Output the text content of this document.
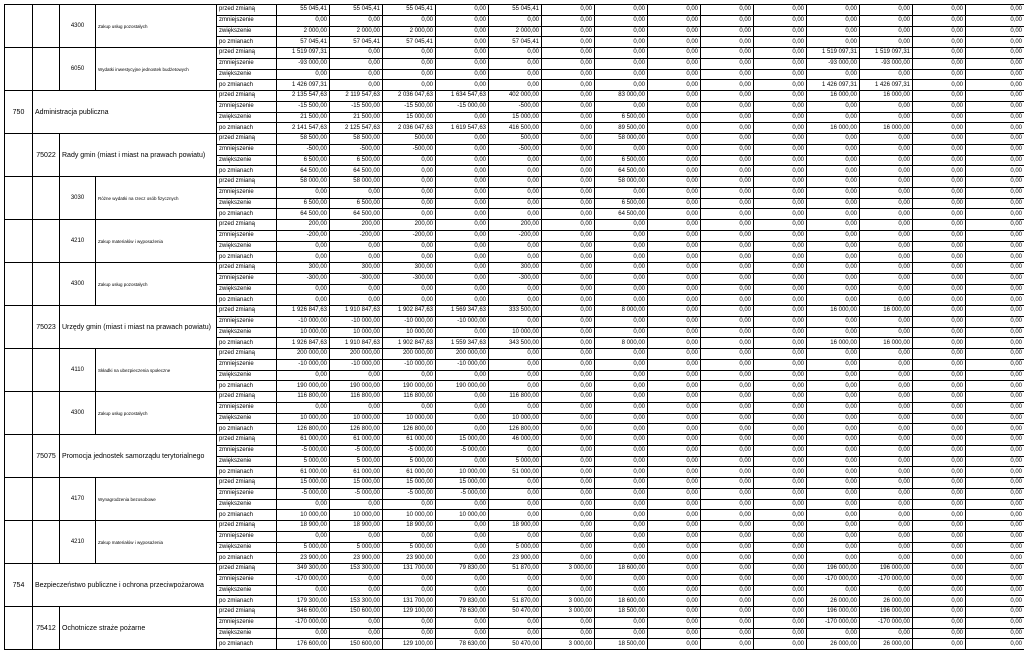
		4300	Zakup usług pozostałych	przed zmianą	55 045,41	55 045,41	55 045,41	0,00	55 045,41	0,00	0,00	0,00	0,00	0,00	0,00	0,00	0,00	0,00
				zmniejszenie	0,00	0,00	0,00	0,00	0,00	0,00	0,00	0,00	0,00	0,00	0,00	0,00	0,00	0,00
				zwiększenie	2 000,00	2 000,00	2 000,00	0,00	2 000,00	0,00	0,00	0,00	0,00	0,00	0,00	0,00	0,00	0,00
				po zmianach	57 045,41	57 045,41	57 045,41	0,00	57 045,41	0,00	0,00	0,00	0,00	0,00	0,00	0,00	0,00	0,00
		6050	Wydatki inwestycyjne jednostek budżetowych	przed zmianą	1 519 097,31	0,00	0,00	0,00	0,00	0,00	0,00	0,00	0,00	0,00	1 519 097,31	1 519 097,31	0,00	0,00
				zmniejszenie	-93 000,00	0,00	0,00	0,00	0,00	0,00	0,00	0,00	0,00	0,00	-93 000,00	-93 000,00	0,00	0,00
				zwiększenie	0,00	0,00	0,00	0,00	0,00	0,00	0,00	0,00	0,00	0,00	0,00	0,00	0,00	0,00
				po zmianach	1 426 097,31	0,00	0,00	0,00	0,00	0,00	0,00	0,00	0,00	0,00	1 426 097,31	1 426 097,31	0,00	0,00
750	Administracja publiczna			przed zmianą	2 135 547,63	2 119 547,63	2 036 047,63	1 634 547,63	402 000,00	0,00	83 000,00	0,00	0,00	0,00	16 000,00	16 000,00	0,00	0,00
				zmniejszenie	-15 500,00	-15 500,00	-15 500,00	-15 000,00	-500,00	0,00	0,00	0,00	0,00	0,00	0,00	0,00	0,00	0,00
				zwiększenie	21 500,00	21 500,00	15 000,00	0,00	15 000,00	0,00	6 500,00	0,00	0,00	0,00	0,00	0,00	0,00	0,00
				po zmianach	2 141 547,63	2 125 547,63	2 036 047,63	1 619 547,63	416 500,00	0,00	89 500,00	0,00	0,00	0,00	16 000,00	16 000,00	0,00	0,00
	75022	Rady gmin (miast i miast na prawach powiatu)		przed zmianą	58 500,00	58 500,00	500,00	0,00	500,00	0,00	58 000,00	0,00	0,00	0,00	0,00	0,00	0,00	0,00
				zmniejszenie	-500,00	-500,00	-500,00	0,00	-500,00	0,00	0,00	0,00	0,00	0,00	0,00	0,00	0,00	0,00
				zwiększenie	6 500,00	6 500,00	0,00	0,00	0,00	0,00	6 500,00	0,00	0,00	0,00	0,00	0,00	0,00	0,00
				po zmianach	64 500,00	64 500,00	0,00	0,00	0,00	0,00	64 500,00	0,00	0,00	0,00	0,00	0,00	0,00	0,00
		3030	Różne wydatki na rzecz osób fizycznych	przed zmianą	58 000,00	58 000,00	0,00	0,00	0,00	0,00	58 000,00	0,00	0,00	0,00	0,00	0,00	0,00	0,00
				zmniejszenie	0,00	0,00	0,00	0,00	0,00	0,00	0,00	0,00	0,00	0,00	0,00	0,00	0,00	0,00
				zwiększenie	6 500,00	6 500,00	0,00	0,00	0,00	0,00	6 500,00	0,00	0,00	0,00	0,00	0,00	0,00	0,00
				po zmianach	64 500,00	64 500,00	0,00	0,00	0,00	0,00	64 500,00	0,00	0,00	0,00	0,00	0,00	0,00	0,00
		4210	Zakup materiałów i wyposażenia	przed zmianą	200,00	200,00	200,00	0,00	200,00	0,00	0,00	0,00	0,00	0,00	0,00	0,00	0,00	0,00
				zmniejszenie	-200,00	-200,00	-200,00	0,00	-200,00	0,00	0,00	0,00	0,00	0,00	0,00	0,00	0,00	0,00
				zwiększenie	0,00	0,00	0,00	0,00	0,00	0,00	0,00	0,00	0,00	0,00	0,00	0,00	0,00	0,00
				po zmianach	0,00	0,00	0,00	0,00	0,00	0,00	0,00	0,00	0,00	0,00	0,00	0,00	0,00	0,00
		4300	Zakup usług pozostałych	przed zmianą	300,00	300,00	300,00	0,00	300,00	0,00	0,00	0,00	0,00	0,00	0,00	0,00	0,00	0,00
				zmniejszenie	-300,00	-300,00	-300,00	0,00	-300,00	0,00	0,00	0,00	0,00	0,00	0,00	0,00	0,00	0,00
				zwiększenie	0,00	0,00	0,00	0,00	0,00	0,00	0,00	0,00	0,00	0,00	0,00	0,00	0,00	0,00
				po zmianach	0,00	0,00	0,00	0,00	0,00	0,00	0,00	0,00	0,00	0,00	0,00	0,00	0,00	0,00
	75023	Urzędy gmin (miast i miast na prawach powiatu)		przed zmianą	1 926 847,63	1 910 847,63	1 902 847,63	1 569 347,63	333 500,00	0,00	8 000,00	0,00	0,00	0,00	16 000,00	16 000,00	0,00	0,00
				zmniejszenie	-10 000,00	-10 000,00	-10 000,00	-10 000,00	0,00	0,00	0,00	0,00	0,00	0,00	0,00	0,00	0,00	0,00
				zwiększenie	10 000,00	10 000,00	10 000,00	0,00	10 000,00	0,00	0,00	0,00	0,00	0,00	0,00	0,00	0,00	0,00
				po zmianach	1 926 847,63	1 910 847,63	1 902 847,63	1 559 347,63	343 500,00	0,00	8 000,00	0,00	0,00	0,00	16 000,00	16 000,00	0,00	0,00
		4110	Składki na ubezpieczenia społeczne	przed zmianą	200 000,00	200 000,00	200 000,00	200 000,00	0,00	0,00	0,00	0,00	0,00	0,00	0,00	0,00	0,00	0,00
				zmniejszenie	-10 000,00	-10 000,00	-10 000,00	-10 000,00	0,00	0,00	0,00	0,00	0,00	0,00	0,00	0,00	0,00	0,00
				zwiększenie	0,00	0,00	0,00	0,00	0,00	0,00	0,00	0,00	0,00	0,00	0,00	0,00	0,00	0,00
				po zmianach	190 000,00	190 000,00	190 000,00	190 000,00	0,00	0,00	0,00	0,00	0,00	0,00	0,00	0,00	0,00	0,00
		4300	Zakup usług pozostałych	przed zmianą	116 800,00	116 800,00	116 800,00	0,00	116 800,00	0,00	0,00	0,00	0,00	0,00	0,00	0,00	0,00	0,00
				zmniejszenie	0,00	0,00	0,00	0,00	0,00	0,00	0,00	0,00	0,00	0,00	0,00	0,00	0,00	0,00
				zwiększenie	10 000,00	10 000,00	10 000,00	0,00	10 000,00	0,00	0,00	0,00	0,00	0,00	0,00	0,00	0,00	0,00
				po zmianach	126 800,00	126 800,00	126 800,00	0,00	126 800,00	0,00	0,00	0,00	0,00	0,00	0,00	0,00	0,00	0,00
	75075	Promocja jednostek samorządu terytorialnego		przed zmianą	61 000,00	61 000,00	61 000,00	15 000,00	46 000,00	0,00	0,00	0,00	0,00	0,00	0,00	0,00	0,00	0,00
				zmniejszenie	-5 000,00	-5 000,00	-5 000,00	-5 000,00	0,00	0,00	0,00	0,00	0,00	0,00	0,00	0,00	0,00	0,00
				zwiększenie	5 000,00	5 000,00	5 000,00	0,00	5 000,00	0,00	0,00	0,00	0,00	0,00	0,00	0,00	0,00	0,00
				po zmianach	61 000,00	61 000,00	61 000,00	10 000,00	51 000,00	0,00	0,00	0,00	0,00	0,00	0,00	0,00	0,00	0,00
		4170	Wynagrodzenia bezosobowe	przed zmianą	15 000,00	15 000,00	15 000,00	15 000,00	0,00	0,00	0,00	0,00	0,00	0,00	0,00	0,00	0,00	0,00
				zmniejszenie	-5 000,00	-5 000,00	-5 000,00	-5 000,00	0,00	0,00	0,00	0,00	0,00	0,00	0,00	0,00	0,00	0,00
				zwiększenie	0,00	0,00	0,00	0,00	0,00	0,00	0,00	0,00	0,00	0,00	0,00	0,00	0,00	0,00
				po zmianach	10 000,00	10 000,00	10 000,00	10 000,00	0,00	0,00	0,00	0,00	0,00	0,00	0,00	0,00	0,00	0,00
		4210	Zakup materiałów i wyposażenia	przed zmianą	18 900,00	18 900,00	18 900,00	0,00	18 900,00	0,00	0,00	0,00	0,00	0,00	0,00	0,00	0,00	0,00
				zmniejszenie	0,00	0,00	0,00	0,00	0,00	0,00	0,00	0,00	0,00	0,00	0,00	0,00	0,00	0,00
				zwiększenie	5 000,00	5 000,00	5 000,00	0,00	5 000,00	0,00	0,00	0,00	0,00	0,00	0,00	0,00	0,00	0,00
				po zmianach	23 900,00	23 900,00	23 900,00	0,00	23 900,00	0,00	0,00	0,00	0,00	0,00	0,00	0,00	0,00	0,00
754	Bezpieczeństwo publiczne i ochrona przeciwpożarowa			przed zmianą	349 300,00	153 300,00	131 700,00	79 830,00	51 870,00	3 000,00	18 600,00	0,00	0,00	0,00	196 000,00	196 000,00	0,00	0,00
				zmniejszenie	-170 000,00	0,00	0,00	0,00	0,00	0,00	0,00	0,00	0,00	0,00	-170 000,00	-170 000,00	0,00	0,00
				zwiększenie	0,00	0,00	0,00	0,00	0,00	0,00	0,00	0,00	0,00	0,00	0,00	0,00	0,00	0,00
				po zmianach	179 300,00	153 300,00	131 700,00	79 830,00	51 870,00	3 000,00	18 600,00	0,00	0,00	0,00	26 000,00	26 000,00	0,00	0,00
	75412	Ochotnicze straże pożarne		przed zmianą	346 600,00	150 600,00	129 100,00	78 630,00	50 470,00	3 000,00	18 500,00	0,00	0,00	0,00	196 000,00	196 000,00	0,00	0,00
				zmniejszenie	-170 000,00	0,00	0,00	0,00	0,00	0,00	0,00	0,00	0,00	0,00	-170 000,00	-170 000,00	0,00	0,00
				zwiększenie	0,00	0,00	0,00	0,00	0,00	0,00	0,00	0,00	0,00	0,00	0,00	0,00	0,00	0,00
				po zmianach	176 600,00	150 600,00	129 100,00	78 630,00	50 470,00	3 000,00	18 500,00	0,00	0,00	0,00	26 000,00	26 000,00	0,00	0,00
